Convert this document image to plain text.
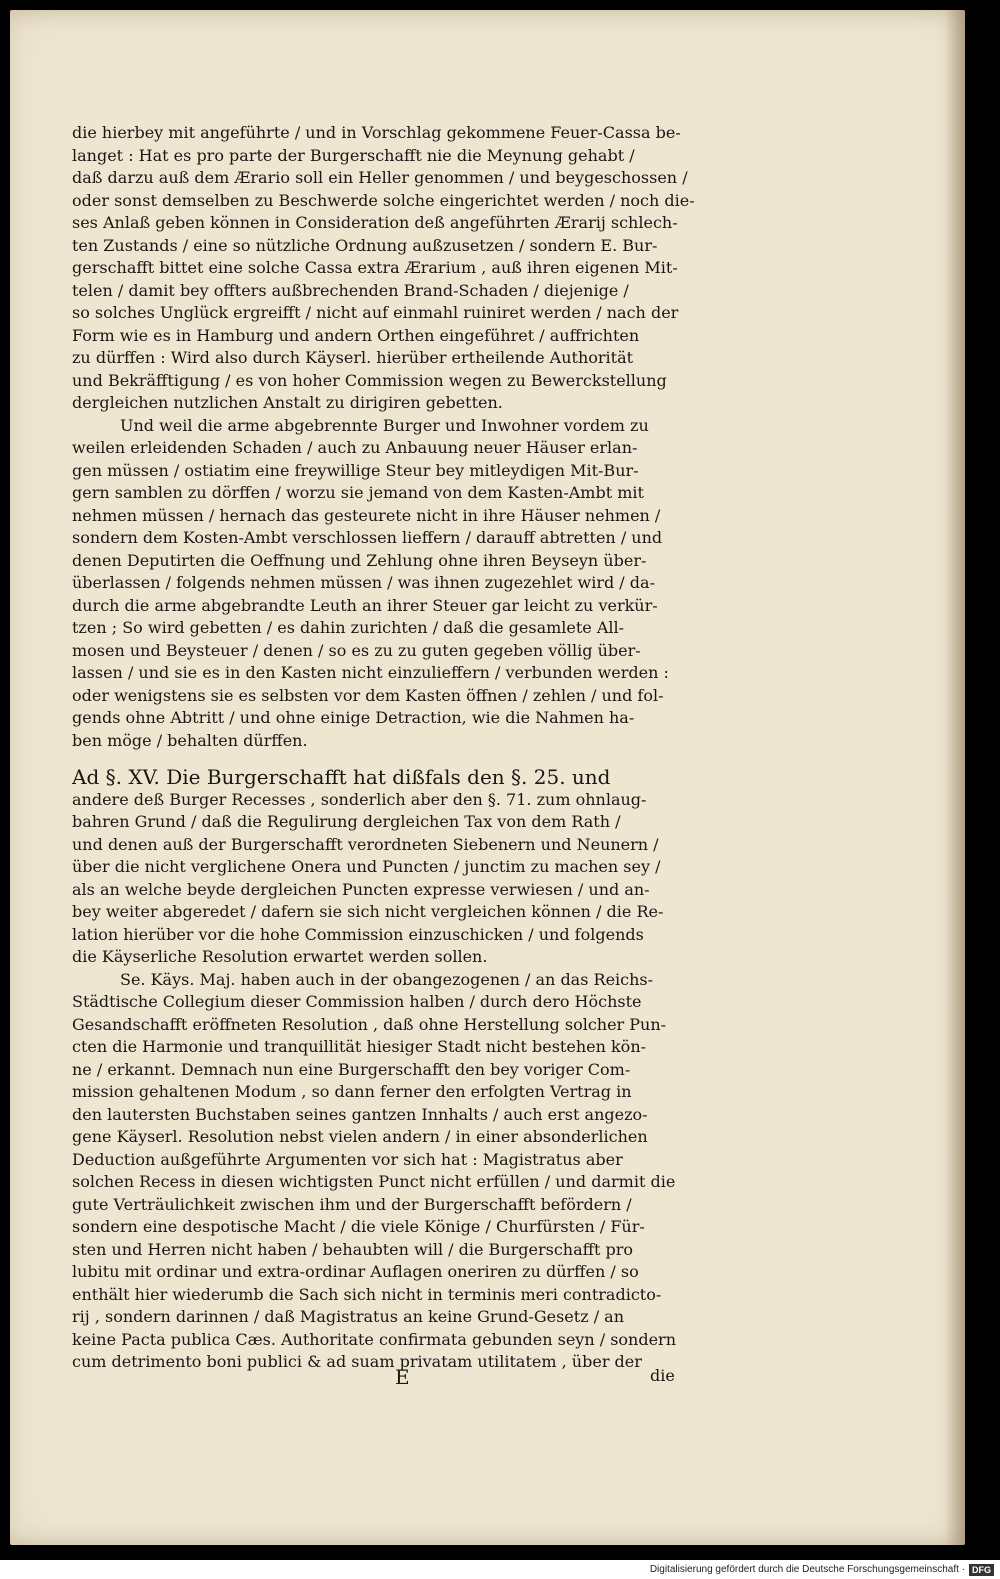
die hierbey mit angeführte / und in Vorschlag gekommene Feuer-Cassa be-
langet : Hat es pro parte der Burgerschafft nie die Meynung gehabt /
daß darzu auß dem Ærario soll ein Heller genommen / und beygeschossen /
oder sonst demselben zu Beschwerde solche eingerichtet werden / noch die-
ses Anlaß geben können in Consideration deß angeführten Ærarij schlech-
ten Zustands / eine so nützliche Ordnung außzusetzen / sondern E. Bur-
gerschafft bittet eine solche Cassa extra Ærarium , auß ihren eigenen Mit-
telen / damit bey offters außbrechenden Brand-Schaden / diejenige /
so solches Unglück ergreifft / nicht auf einmahl ruiniret werden / nach der
Form wie es in Hamburg und andern Orthen eingeführet / auffrichten
zu dürffen : Wird also durch Käyserl. hierüber ertheilende Authorität
und Bekräfftigung / es von hoher Commission wegen zu Bewerckstellung
dergleichen nutzlichen Anstalt zu dirigiren gebetten.
Und weil die arme abgebrennte Burger und Inwohner vordem zu
weilen erleidenden Schaden / auch zu Anbauung neuer Häuser erlan-
gen müssen / ostiatim eine freywillige Steur bey mitleydigen Mit-Bur-
gern samblen zu dörffen / worzu sie jemand von dem Kasten-Ambt mit
nehmen müssen / hernach das gesteurete nicht in ihre Häuser nehmen /
sondern dem Kosten-Ambt verschlossen lieffern / darauff abtretten / und
denen Deputirten die Oeffnung und Zehlung ohne ihren Beyseyn über-
überlassen / folgends nehmen müssen / was ihnen zugezehlet wird / da-
durch die arme abgebrandte Leuth an ihrer Steuer gar leicht zu verkür-
tzen ; So wird gebetten / es dahin zurichten / daß die gesamlete All-
mosen und Beysteuer / denen / so es zu zu guten gegeben völlig über-
lassen / und sie es in den Kasten nicht einzulieffern / verbunden werden :
oder wenigstens sie es selbsten vor dem Kasten öffnen / zehlen / und fol-
gends ohne Abtritt / und ohne einige Detraction, wie die Nahmen ha-
ben möge / behalten dürffen.
Ad §. XV. Die Burgerschafft hat dißfals den §. 25. und
andere deß Burger Recesses , sonderlich aber den §. 71. zum ohnlaug-
bahren Grund / daß die Regulirung dergleichen Tax von dem Rath /
und denen auß der Burgerschafft verordneten Siebenern und Neunern /
über die nicht verglichene Onera und Puncten / junctim zu machen sey /
als an welche beyde dergleichen Puncten expresse verwiesen / und an-
bey weiter abgeredet / dafern sie sich nicht vergleichen können / die Re-
lation hierüber vor die hohe Commission einzuschicken / und folgends
die Käyserliche Resolution erwartet werden sollen.
Se. Käys. Maj. haben auch in der obangezogenen / an das Reichs-
Städtische Collegium dieser Commission halben / durch dero Höchste
Gesandschafft eröffneten Resolution , daß ohne Herstellung solcher Pun-
cten die Harmonie und tranquillität hiesiger Stadt nicht bestehen kön-
ne / erkannt. Demnach nun eine Burgerschafft den bey voriger Com-
mission gehaltenen Modum , so dann ferner den erfolgten Vertrag in
den lautersten Buchstaben seines gantzen Innhalts / auch erst angezo-
gene Käyserl. Resolution nebst vielen andern / in einer absonderlichen
Deduction außgeführte Argumenten vor sich hat : Magistratus aber
solchen Recess in diesen wichtigsten Punct nicht erfüllen / und darmit die
gute Verträulichkeit zwischen ihm und der Burgerschafft befördern /
sondern eine despotische Macht / die viele Könige / Churfürsten / Für-
sten und Herren nicht haben / behaubten will / die Burgerschafft pro
lubitu mit ordinar und extra-ordinar Auflagen oneriren zu dürffen / so
enthält hier wiederumb die Sach sich nicht in terminis meri contradicto-
rij , sondern darinnen / daß Magistratus an keine Grund-Gesetz / an
keine Pacta publica Cæs. Authoritate confirmata gebunden seyn / sondern
cum detrimento boni publici & ad suam privatam utilitatem , über der
E	die
Digitalisierung gefördert durch die Deutsche Forschungsgemeinschaft · DFG
